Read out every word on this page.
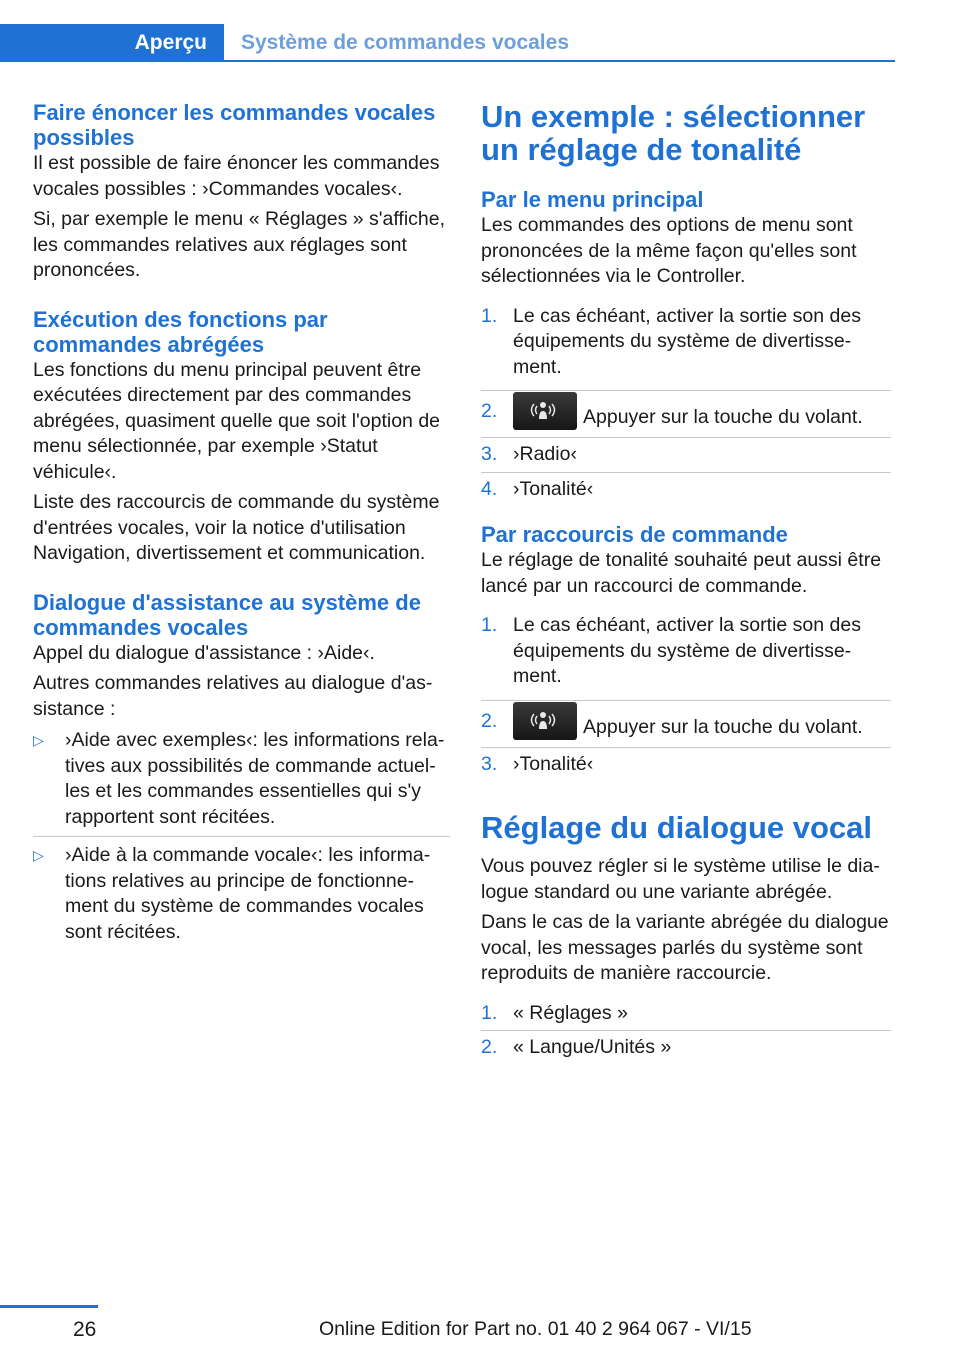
Aperçu	Système de commandes vocales
Faire énoncer les commandes vocales possibles

Il est possible de faire énoncer les commandes vocales possibles : ›Commandes vocales‹.

Si, par exemple le menu « Réglages » s'affiche, les commandes relatives aux réglages sont prononcées.

Exécution des fonctions par commandes abrégées

Les fonctions du menu principal peuvent être exécutées directement par des commandes abrégées, quasiment quelle que soit l'option de menu sélectionnée, par exemple ›Statut véhicule‹.

Liste des raccourcis de commande du système d'entrées vocales, voir la notice d'utilisation Navigation, divertissement et communication.

Dialogue d'assistance au système de commandes vocales

Appel du dialogue d'assistance : ›Aide‹.

Autres commandes relatives au dialogue d'assistance :

▷	›Aide avec exemples‹: les informations relatives aux possibilités de commande actuelles et les commandes essentielles qui s'y rapportent sont récitées.
▷	›Aide à la commande vocale‹: les informations relatives au principe de fonctionnement du système de commandes vocales sont récitées.
Un exemple : sélectionner un réglage de tonalité
Par le menu principal

Les commandes des options de menu sont prononcées de la même façon qu'elles sont sélectionnées via le Controller.

1. Le cas échéant, activer la sortie son des équipements du système de divertissement.
2.	Appuyer sur la touche du volant.
3. ›Radio‹
4. ›Tonalité‹
Par raccourcis de commande

Le réglage de tonalité souhaité peut aussi être lancé par un raccourci de commande.

1. Le cas échéant, activer la sortie son des équipements du système de divertissement.
2.	Appuyer sur la touche du volant.
3. ›Tonalité‹
Réglage du dialogue vocal

Vous pouvez régler si le système utilise le dialogue standard ou une variante abrégée.

Dans le cas de la variante abrégée du dialogue vocal, les messages parlés du système sont reproduits de manière raccourcie.

1. « Réglages »
2. « Langue/Unités »
26	Online Edition for Part no. 01 40 2 964 067 - VI/15
